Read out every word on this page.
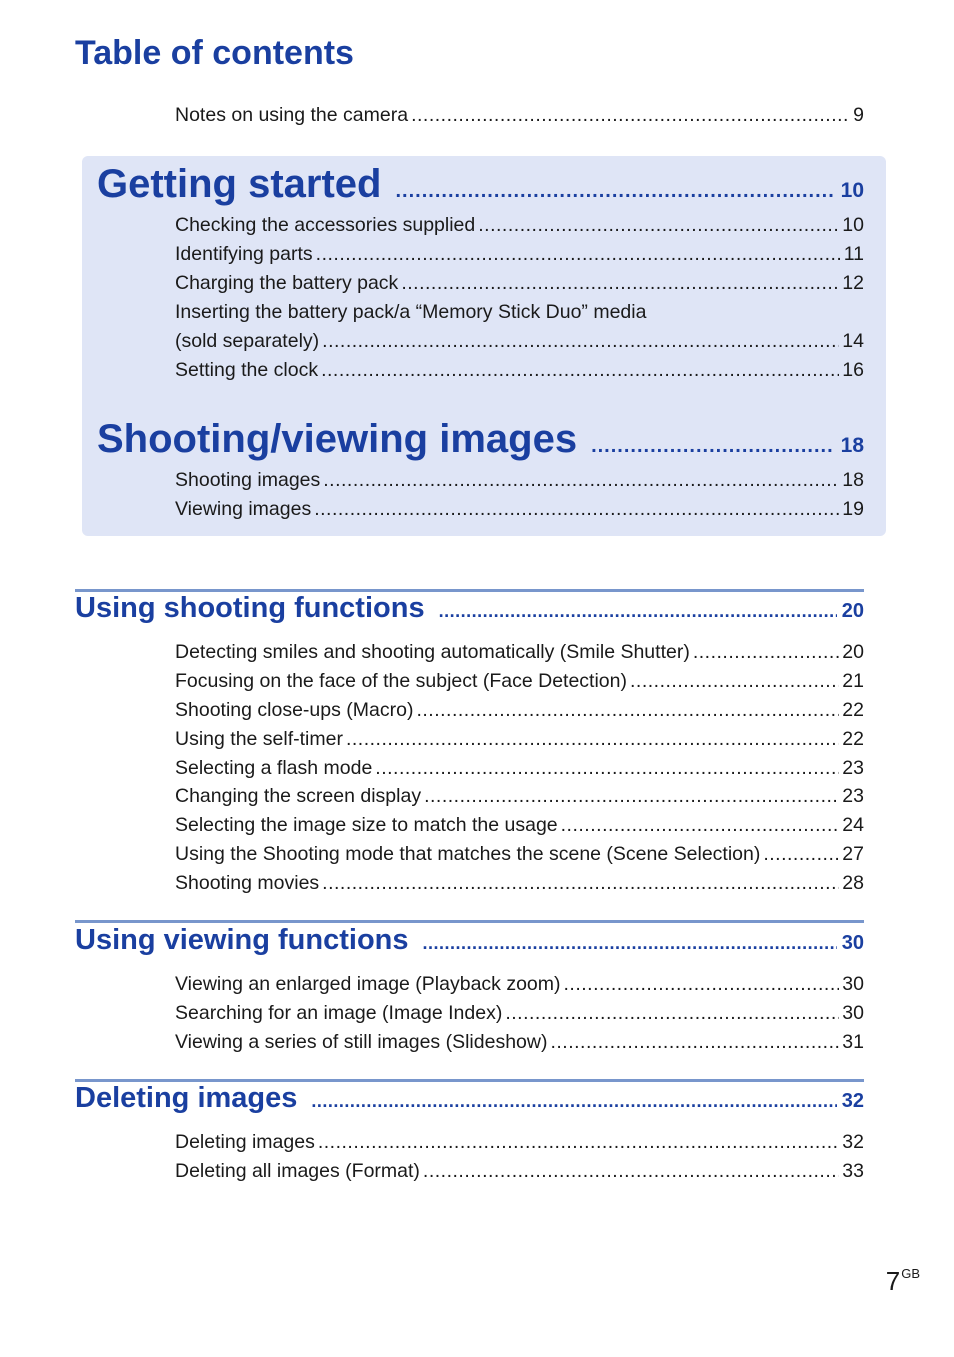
Table of contents
Notes on using the camera .....	9
Getting started .....	10
Checking the accessories supplied .....	10
Identifying parts .....	11
Charging the battery pack .....	12
Inserting the battery pack/a “Memory Stick Duo” media
(sold separately) .....	14
Setting the clock .....	16
Shooting/viewing images .....	18
Shooting images .....	18
Viewing images .....	19
Using shooting functions .....	20
Detecting smiles and shooting automatically (Smile Shutter) .....	20
Focusing on the face of the subject (Face Detection) .....	21
Shooting close-ups (Macro) .....	22
Using the self-timer .....	22
Selecting a flash mode .....	23
Changing the screen display .....	23
Selecting the image size to match the usage .....	24
Using the Shooting mode that matches the scene (Scene Selection) .....	27
Shooting movies .....	28
Using viewing functions .....	30
Viewing an enlarged image (Playback zoom) .....	30
Searching for an image (Image Index) .....	30
Viewing a series of still images (Slideshow) .....	31
Deleting images .....	32
Deleting images .....	32
Deleting all images (Format) .....	33
$7^{GB}$
